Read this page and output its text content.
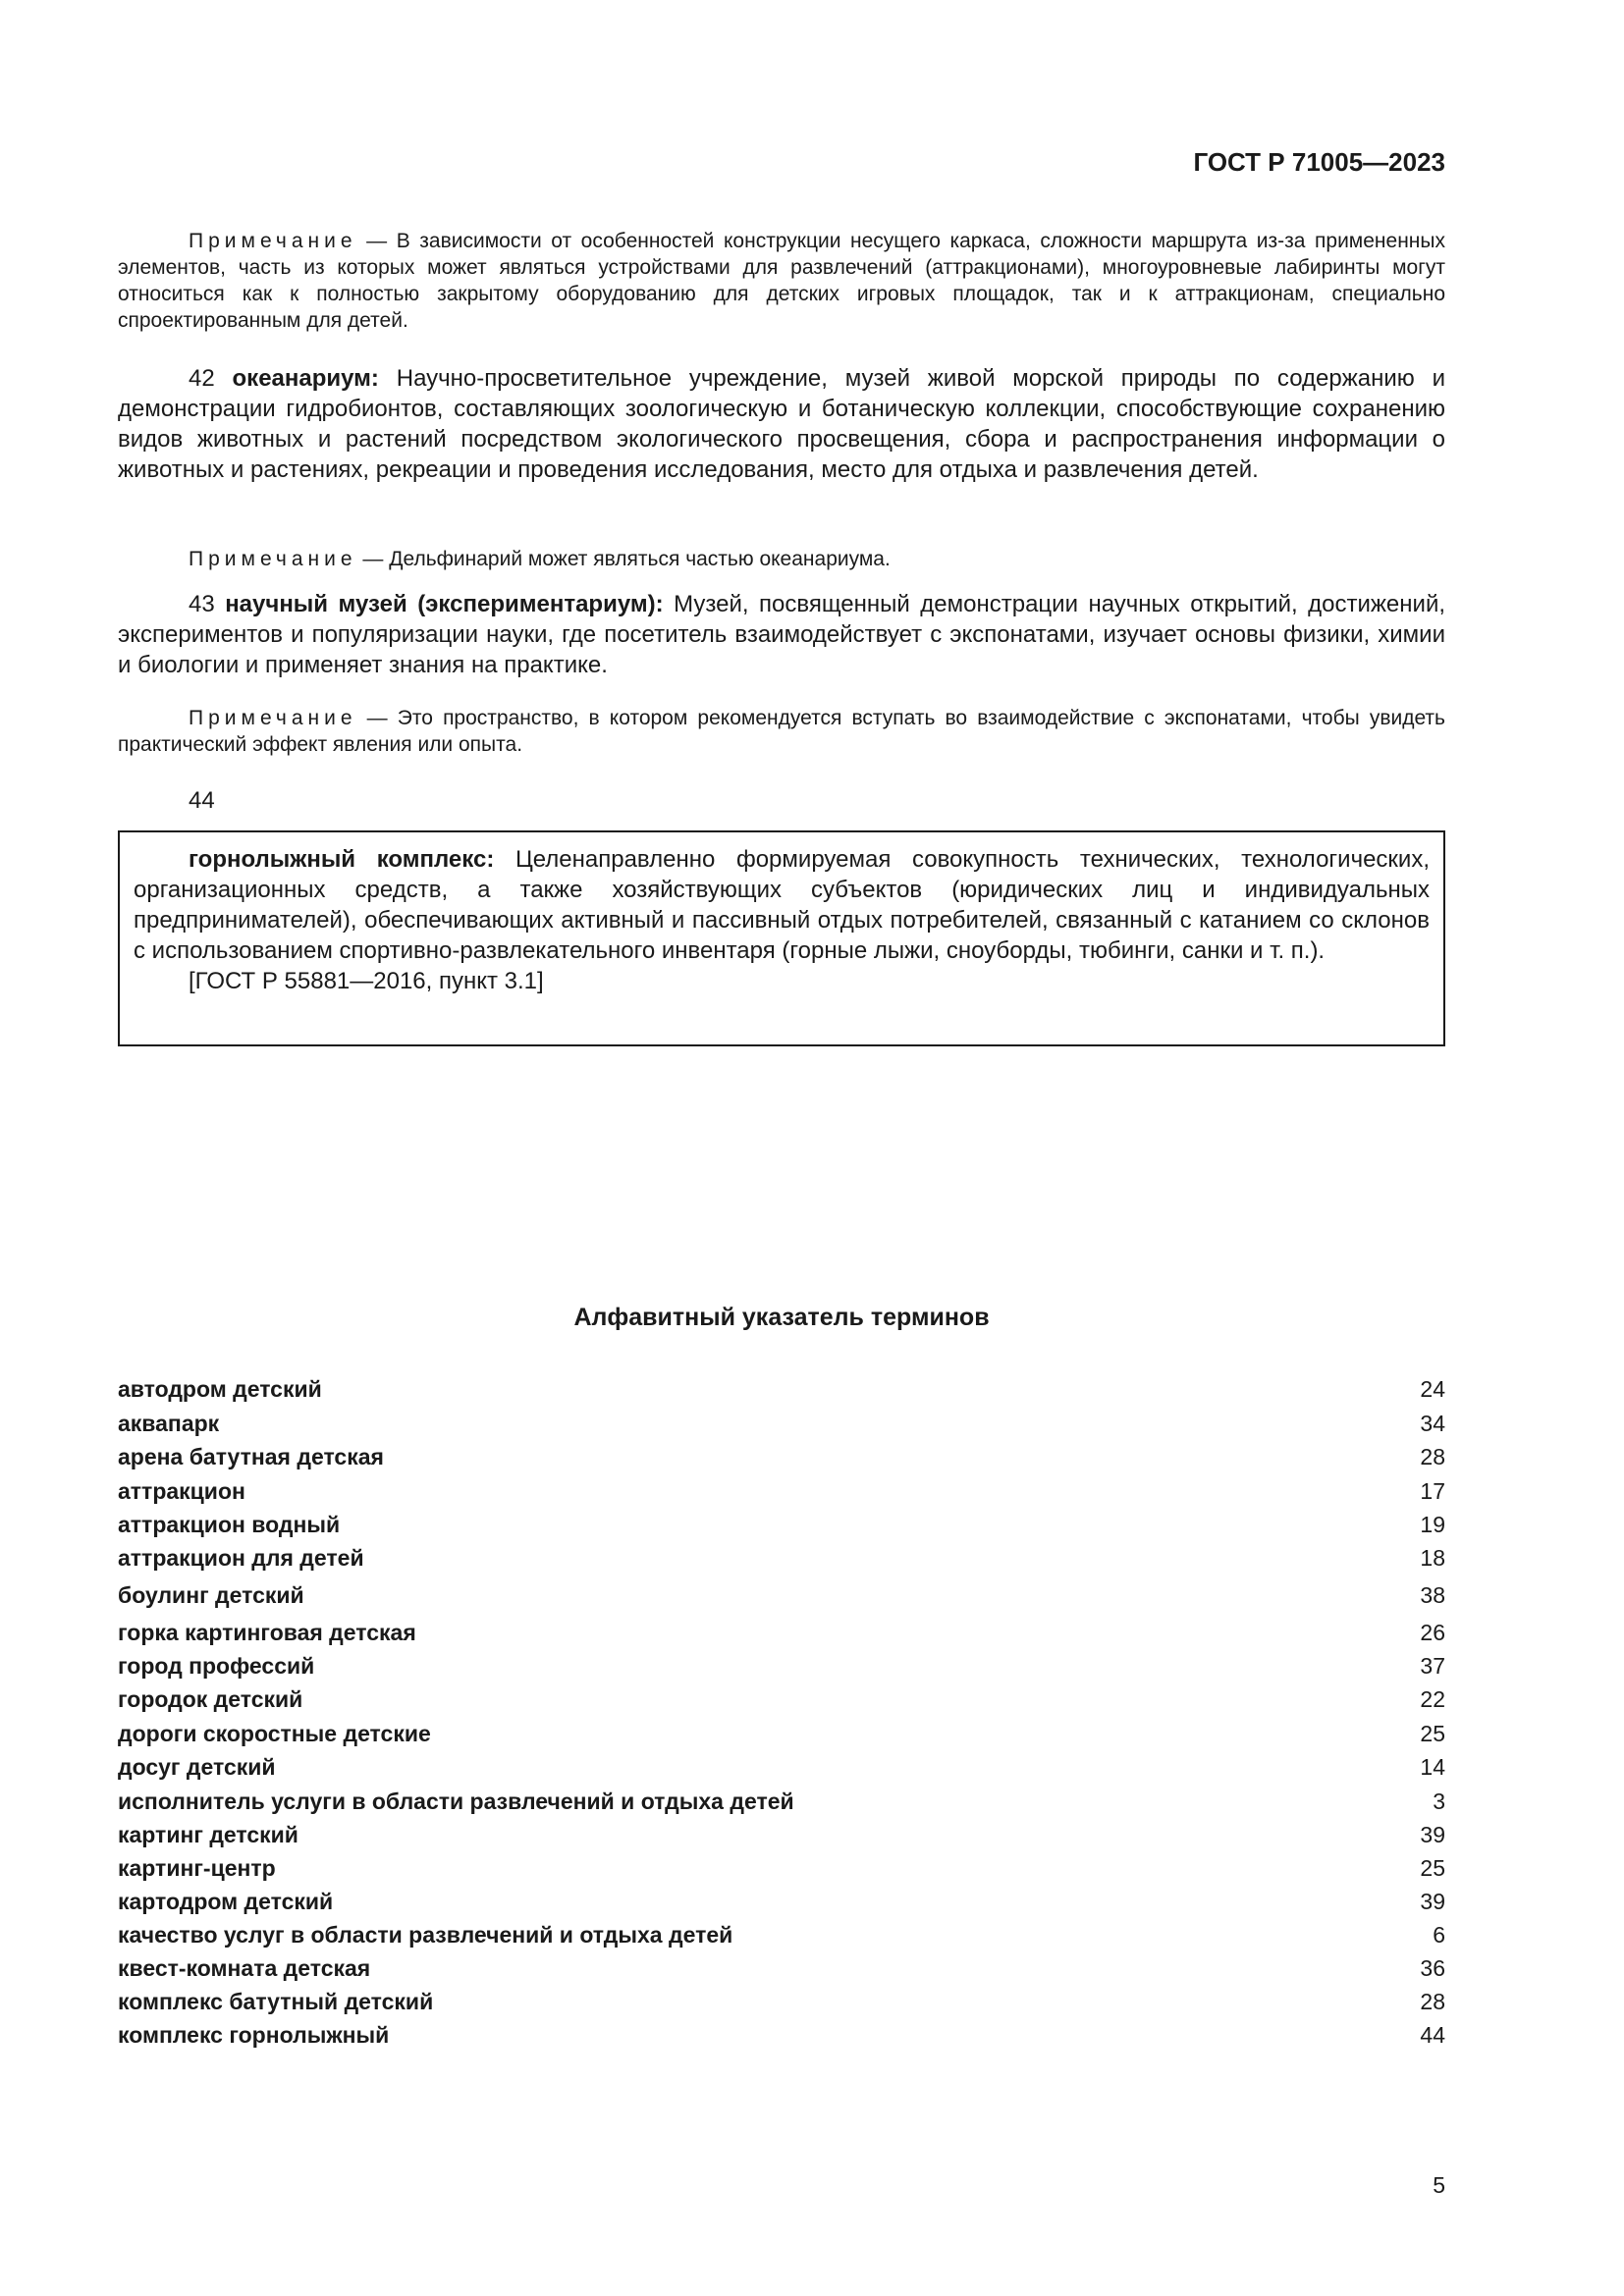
ГОСТ Р 71005—2023

Примечание — В зависимости от особенностей конструкции несущего каркаса, сложности маршрута из-за примененных элементов, часть из которых может являться устройствами для развлечений (аттракционами), многоуровневые лабиринты могут относиться как к полностью закрытому оборудованию для детских игровых площадок, так и к аттракционам, специально спроектированным для детей.

42 океанариум: Научно-просветительное учреждение, музей живой морской природы по содержанию и демонстрации гидробионтов, составляющих зоологическую и ботаническую коллекции, способствующие сохранению видов животных и растений посредством экологического просвещения, сбора и распространения информации о животных и растениях, рекреации и проведения исследования, место для отдыха и развлечения детей.

Примечание — Дельфинарий может являться частью океанариума.

43 научный музей (экспериментариум): Музей, посвященный демонстрации научных открытий, достижений, экспериментов и популяризации науки, где посетитель взаимодействует с экспонатами, изучает основы физики, химии и биологии и применяет знания на практике.

Примечание — Это пространство, в котором рекомендуется вступать во взаимодействие с экспонатами, чтобы увидеть практический эффект явления или опыта.

44

горнолыжный комплекс: Целенаправленно формируемая совокупность технических, технологических, организационных средств, а также хозяйствующих субъектов (юридических лиц и индивидуальных предпринимателей), обеспечивающих активный и пассивный отдых потребителей, связанный с катанием со склонов с использованием спортивно-развлекательного инвентаря (горные лыжи, сноуборды, тюбинги, санки и т. п.).

[ГОСТ Р 55881—2016, пункт 3.1]

Алфавитный указатель терминов
автодром детский	24
аквапарк	34
арена батутная детская	28
аттракцион	17
аттракцион водный	19
аттракцион для детей	18
боулинг детский	38
горка картинговая детская	26
город профессий	37
городок детский	22
дороги скоростные детские	25
досуг детский	14
исполнитель услуги в области развлечений и отдыха детей	3
картинг детский	39
картинг-центр	25
картодром детский	39
качество услуг в области развлечений и отдыха детей	6
квест-комната детская	36
комплекс батутный детский	28
комплекс горнолыжный	44
5
